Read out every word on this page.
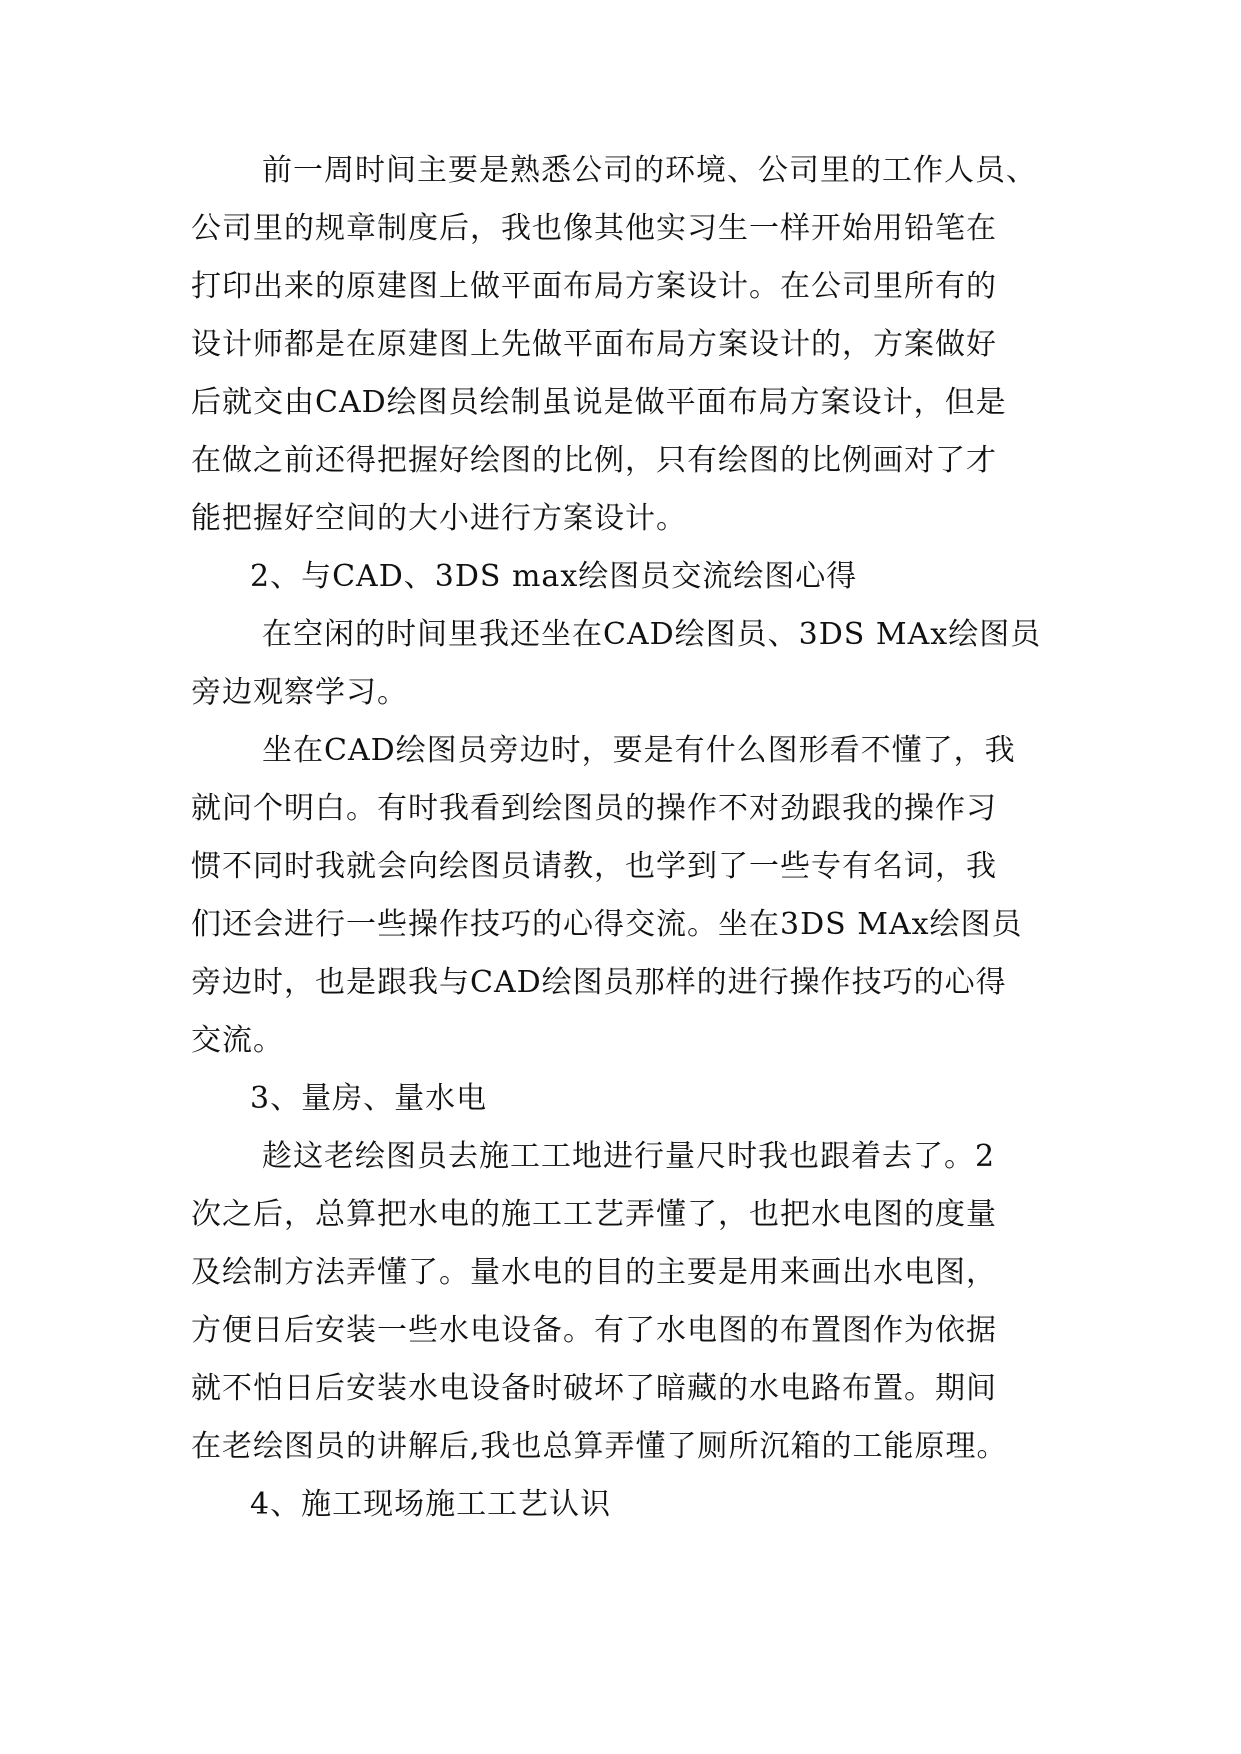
前一周时间主要是熟悉公司的环境、公司里的工作人员、

公司里的规章制度后，我也像其他实习生一样开始用铅笔在

打印出来的原建图上做平面布局方案设计。在公司里所有的

设计师都是在原建图上先做平面布局方案设计的，方案做好

后就交由CAD绘图员绘制虽说是做平面布局方案设计，但是

在做之前还得把握好绘图的比例，只有绘图的比例画对了才

能把握好空间的大小进行方案设计。

2、与CAD、3DS max绘图员交流绘图心得

在空闲的时间里我还坐在CAD绘图员、3DS MAx绘图员

旁边观察学习。

坐在CAD绘图员旁边时，要是有什么图形看不懂了，我

就问个明白。有时我看到绘图员的操作不对劲跟我的操作习

惯不同时我就会向绘图员请教，也学到了一些专有名词，我

们还会进行一些操作技巧的心得交流。坐在3DS MAx绘图员

旁边时，也是跟我与CAD绘图员那样的进行操作技巧的心得

交流。

3、量房、量水电

趁这老绘图员去施工工地进行量尺时我也跟着去了。2

次之后，总算把水电的施工工艺弄懂了，也把水电图的度量

及绘制方法弄懂了。量水电的目的主要是用来画出水电图，

方便日后安装一些水电设备。有了水电图的布置图作为依据

就不怕日后安装水电设备时破坏了暗藏的水电路布置。期间

在老绘图员的讲解后,我也总算弄懂了厕所沉箱的工能原理。

4、施工现场施工工艺认识
